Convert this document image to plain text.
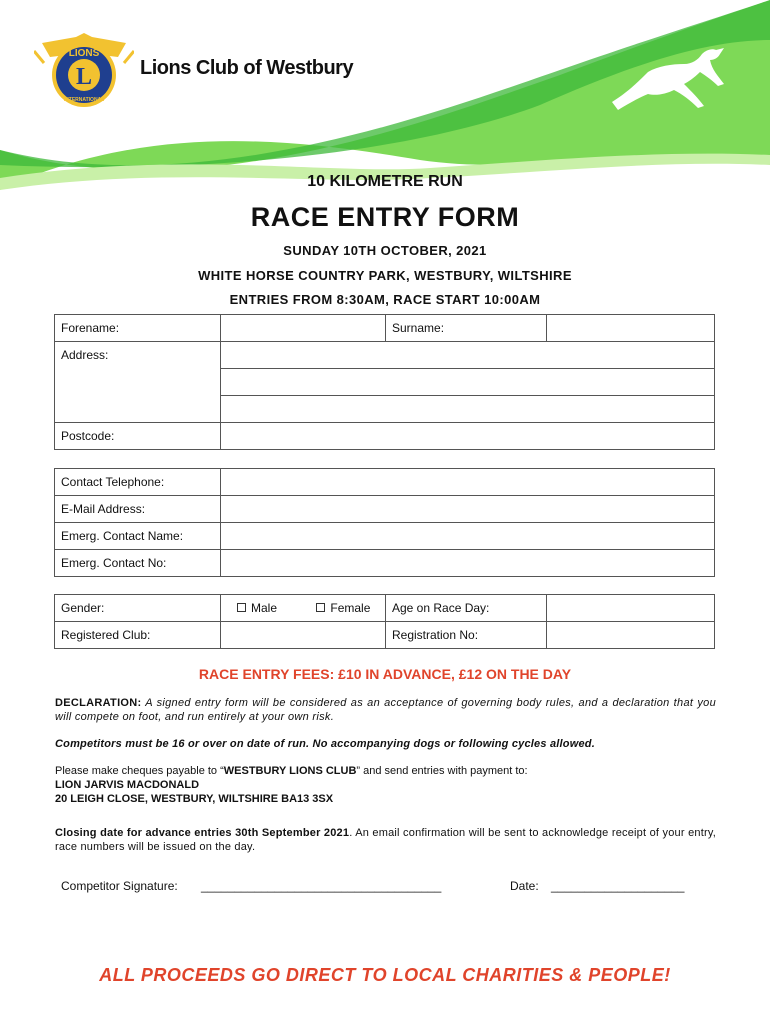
L
LIONS
INTERNATIONAL
Lions Club of Westbury
10 KILOMETRE RUN
RACE ENTRY FORM
SUNDAY 10TH OCTOBER, 2021
WHITE HORSE COUNTRY PARK, WESTBURY, WILTSHIRE
ENTRIES FROM 8:30AM, RACE START 10:00AM
Forename:		Surname:	
Address:			

Postcode:			
Contact Telephone:	
E-Mail Address:	
Emerg. Contact Name:	
Emerg. Contact No:	
Gender:	Male Female	Age on Race Day:	
Registered Club:		Registration No:	
RACE ENTRY FEES: £10 IN ADVANCE, £12 ON THE DAY
DECLARATION: A signed entry form will be considered as an acceptance of governing body rules, and a declaration that you will compete on foot, and run entirely at your own risk.
Competitors must be 16 or over on date of run. No accompanying dogs or following cycles allowed.
Please make cheques payable to “WESTBURY LIONS CLUB” and send entries with payment to:
LION JARVIS MACDONALD
20 LEIGH CLOSE, WESTBURY, WILTSHIRE BA13 3SX
Closing date for advance entries 30th September 2021. An email confirmation will be sent to acknowledge receipt of your entry, race numbers will be issued on the day.
Competitor Signature: ____________________________________	Date: ____________________
ALL PROCEEDS GO DIRECT TO LOCAL CHARITIES & PEOPLE!
